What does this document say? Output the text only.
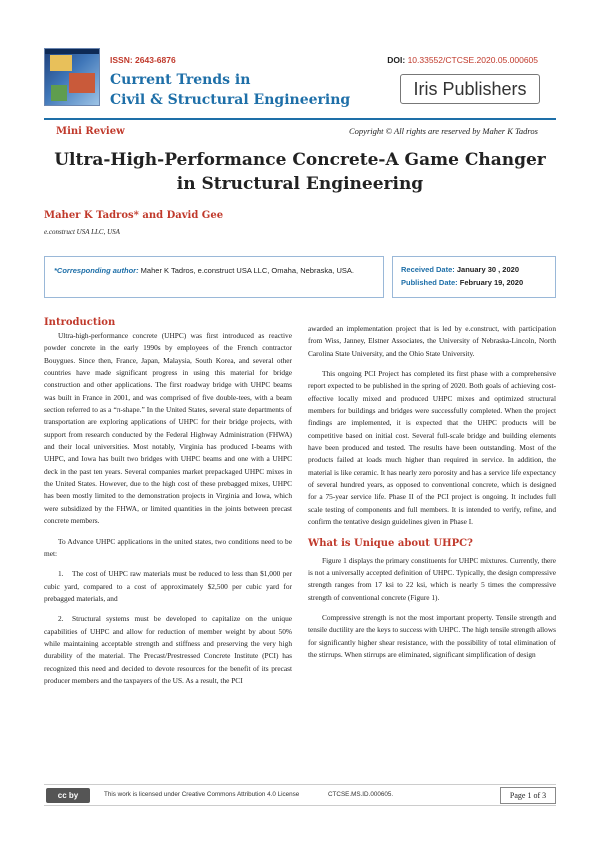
ISSN: 2643-6876
Current Trends in
Civil & Structural Engineering
DOI: 10.33552/CTCSE.2020.05.000605
Iris Publishers
Mini Review	Copyright © All rights are reserved by Maher K Tadros
Ultra-High-Performance Concrete-A Game Changer
in Structural Engineering
Maher K Tadros* and David Gee
e.construct USA LLC, USA
*Corresponding author: Maher K Tadros, e.construct USA LLC, Omaha, Nebraska, USA.	Received Date: January 30 , 2020
Published Date: February 19, 2020
Introduction

Ultra-high-performance concrete (UHPC) was first introduced as reactive powder concrete in the early 1990s by employees of the French contractor Bouygues. Since then, France, Japan, Malaysia, South Korea, and several other countries have made significant progress in using this material for bridge construction and other applications. The first roadway bridge with UHPC beams was built in France in 2001, and was comprised of five double-tees, with a beam section referred to as a “π-shape.” In the United States, several state departments of transportation are exploring applications of UHPC for their bridge projects, with support from research conducted by the Federal Highway Administration (FHWA) and their local universities. Most notably, Virginia has produced I-beams with UHPC, and Iowa has built two bridges with UHPC beams and one with a UHPC deck in the past ten years. Several companies market prepackaged UHPC mixes in the United States. However, due to the high cost of these prebagged mixes, UHPC has been mostly limited to the demonstration projects in Virginia and Iowa, which were subsidized by the FHWA, or limited quantities in the joints between precast concrete members.

To Advance UHPC applications in the united states, two conditions need to be met:

1. The cost of UHPC raw materials must be reduced to less than $1,000 per cubic yard, compared to a cost of approximately $2,500 per cubic yard for prebagged materials, and

2. Structural systems must be developed to capitalize on the unique capabilities of UHPC and allow for reduction of member weight by about 50% while maintaining acceptable strength and stiffness and preserving the very high durability of the material. The Precast/Prestressed Concrete Institute (PCI) has recognized this need and decided to devote resources for the benefit of its precast producer members and the taxpayers of the US. As a result, the PCI

awarded an implementation project that is led by e.construct, with participation from Wiss, Janney, Elstner Associates, the University of Nebraska-Lincoln, North Carolina State University, and the Ohio State University.

This ongoing PCI Project has completed its first phase with a comprehensive report expected to be published in the spring of 2020. Both goals of achieving cost-effective locally mixed and produced UHPC mixes and optimized structural members for buildings and bridges were successfully completed. When the project findings are implemented, it is expected that the UHPC products will be competitive based on initial cost. Several full-scale bridge and building elements have been produced and tested. The results have been outstanding. Most of the products failed at loads much higher than required in service. In addition, the material is like ceramic. It has nearly zero porosity and has a service life expectancy of several hundred years, as opposed to conventional concrete, which is designed for a 75-year service life. Phase II of the PCI project is ongoing. It includes full scale testing of components and full members. It is intended to verify, refine, and confirm the tentative design guidelines given in Phase I.

What is Unique about UHPC?

Figure 1 displays the primary constituents for UHPC mixtures. Currently, there is not a universally accepted definition of UHPC. Typically, the design compressive strength ranges from 17 ksi to 22 ksi, which is nearly 5 times the compressive strength of conventional concrete (Figure 1).

Compressive strength is not the most important property. Tensile strength and tensile ductility are the keys to success with UHPC. The high tensile strength allows for significantly higher shear resistance, with the possibility of total elimination of the stirrups. When stirrups are eliminated, significant simplification of design

cc by	This work is licensed under Creative Commons Attribution 4.0 License	CTCSE.MS.ID.000605.	Page 1 of 3
